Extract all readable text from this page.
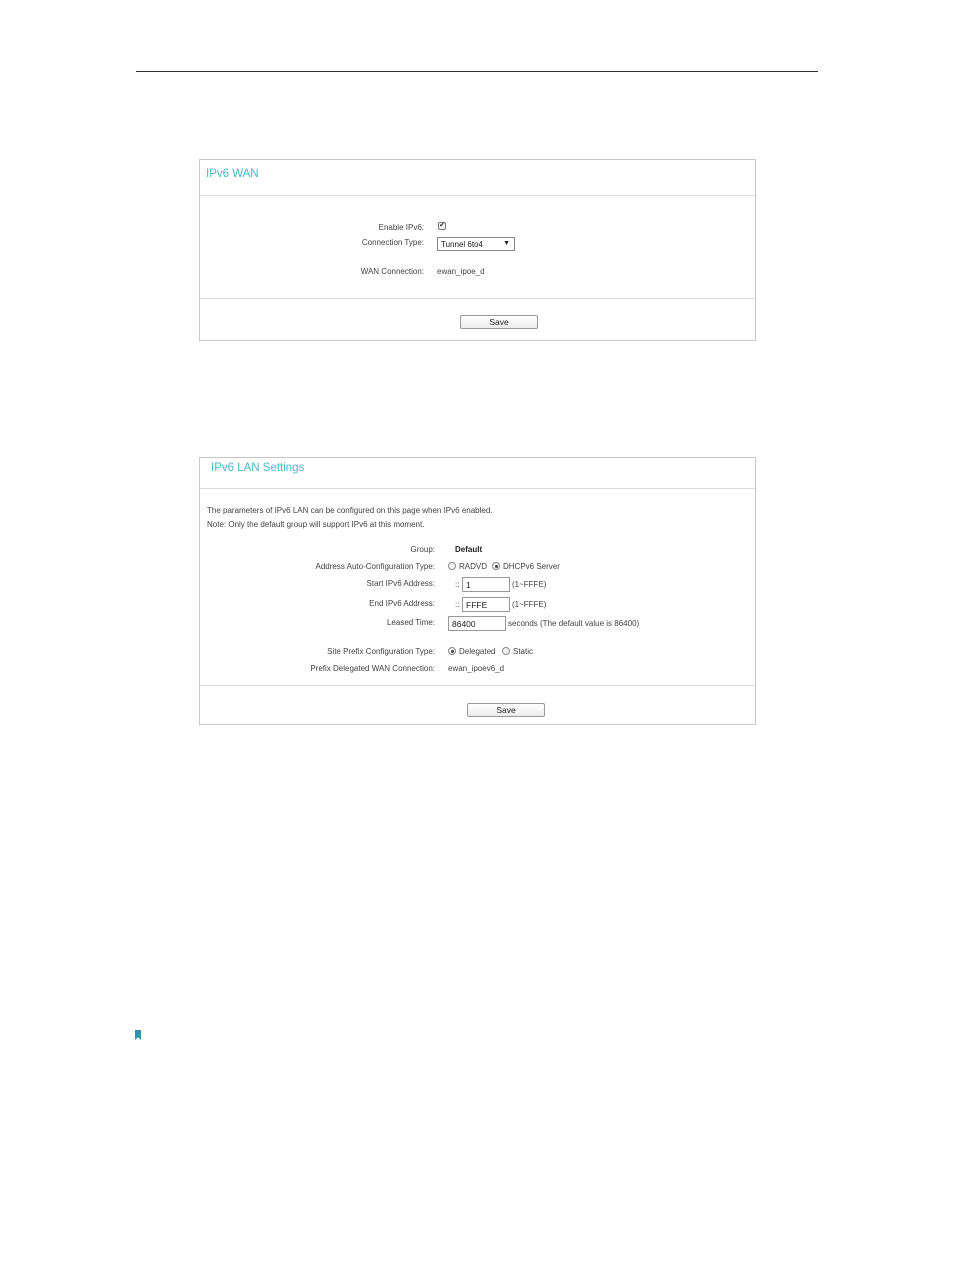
IPv6 WAN
Enable IPv6: ✔
Connection Type: Tunnel 6to4	▼
WAN Connection: ewan_ipoe_d
Save
IPv6 LAN Settings
The parameters of IPv6 LAN can be configured on this page when IPv6 enabled.
Note: Only the default group will support IPv6 at this moment.
Group:	Default
Address Auto-Configuration Type:	RADVD DHCPv6 Server
Start IPv6 Address:	:: 1	(1~FFFE)
End IPv6 Address:	:: FFFE	(1~FFFE)
Leased Time: 86400	seconds (The default value is 86400)
Site Prefix Configuration Type:	Delegated Static
Prefix Delegated WAN Connection: ewan_ipoev6_d
Save
